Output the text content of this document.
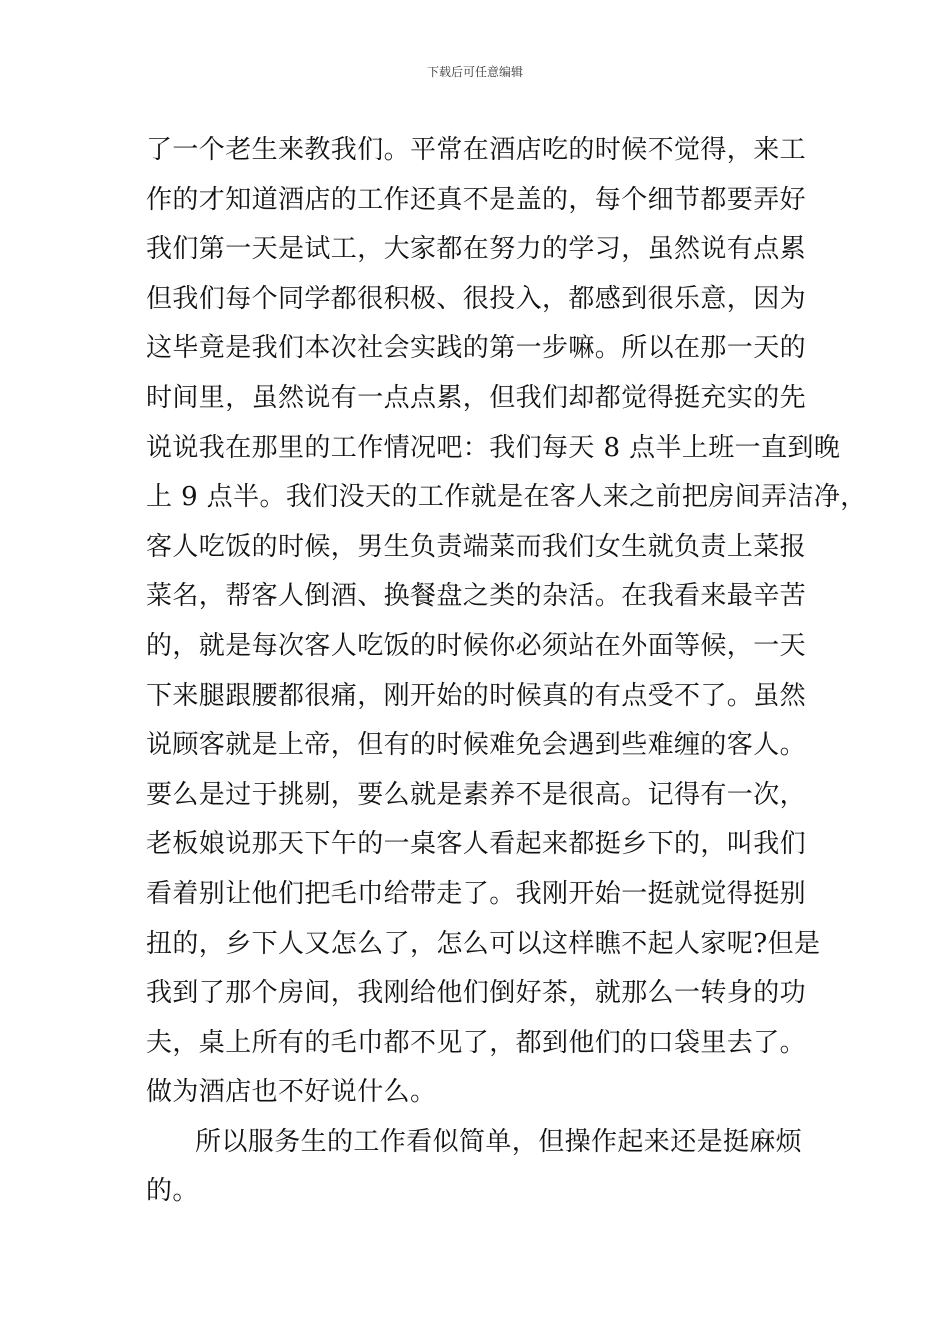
下载后可任意编辑
了一个老生来教我们。平常在酒店吃的时候不觉得，来工
作的才知道酒店的工作还真不是盖的，每个细节都要弄好
我们第一天是试工，大家都在努力的学习，虽然说有点累
但我们每个同学都很积极、很投入，都感到很乐意，因为
这毕竟是我们本次社会实践的第一步嘛。所以在那一天的
时间里，虽然说有一点点累，但我们却都觉得挺充实的先
说说我在那里的工作情况吧：我们每天 8 点半上班一直到晚
上 9 点半。我们没天的工作就是在客人来之前把房间弄洁净，
客人吃饭的时候，男生负责端菜而我们女生就负责上菜报
菜名，帮客人倒酒、换餐盘之类的杂活。在我看来最辛苦
的，就是每次客人吃饭的时候你必须站在外面等候，一天
下来腿跟腰都很痛，刚开始的时候真的有点受不了。虽然
说顾客就是上帝，但有的时候难免会遇到些难缠的客人。
要么是过于挑剔，要么就是素养不是很高。记得有一次，
老板娘说那天下午的一桌客人看起来都挺乡下的，叫我们
看着别让他们把毛巾给带走了。我刚开始一挺就觉得挺别
扭的，乡下人又怎么了，怎么可以这样瞧不起人家呢?但是
我到了那个房间，我刚给他们倒好茶，就那么一转身的功
夫，桌上所有的毛巾都不见了，都到他们的口袋里去了。
做为酒店也不好说什么。
所以服务生的工作看似简单，但操作起来还是挺麻烦
的。
